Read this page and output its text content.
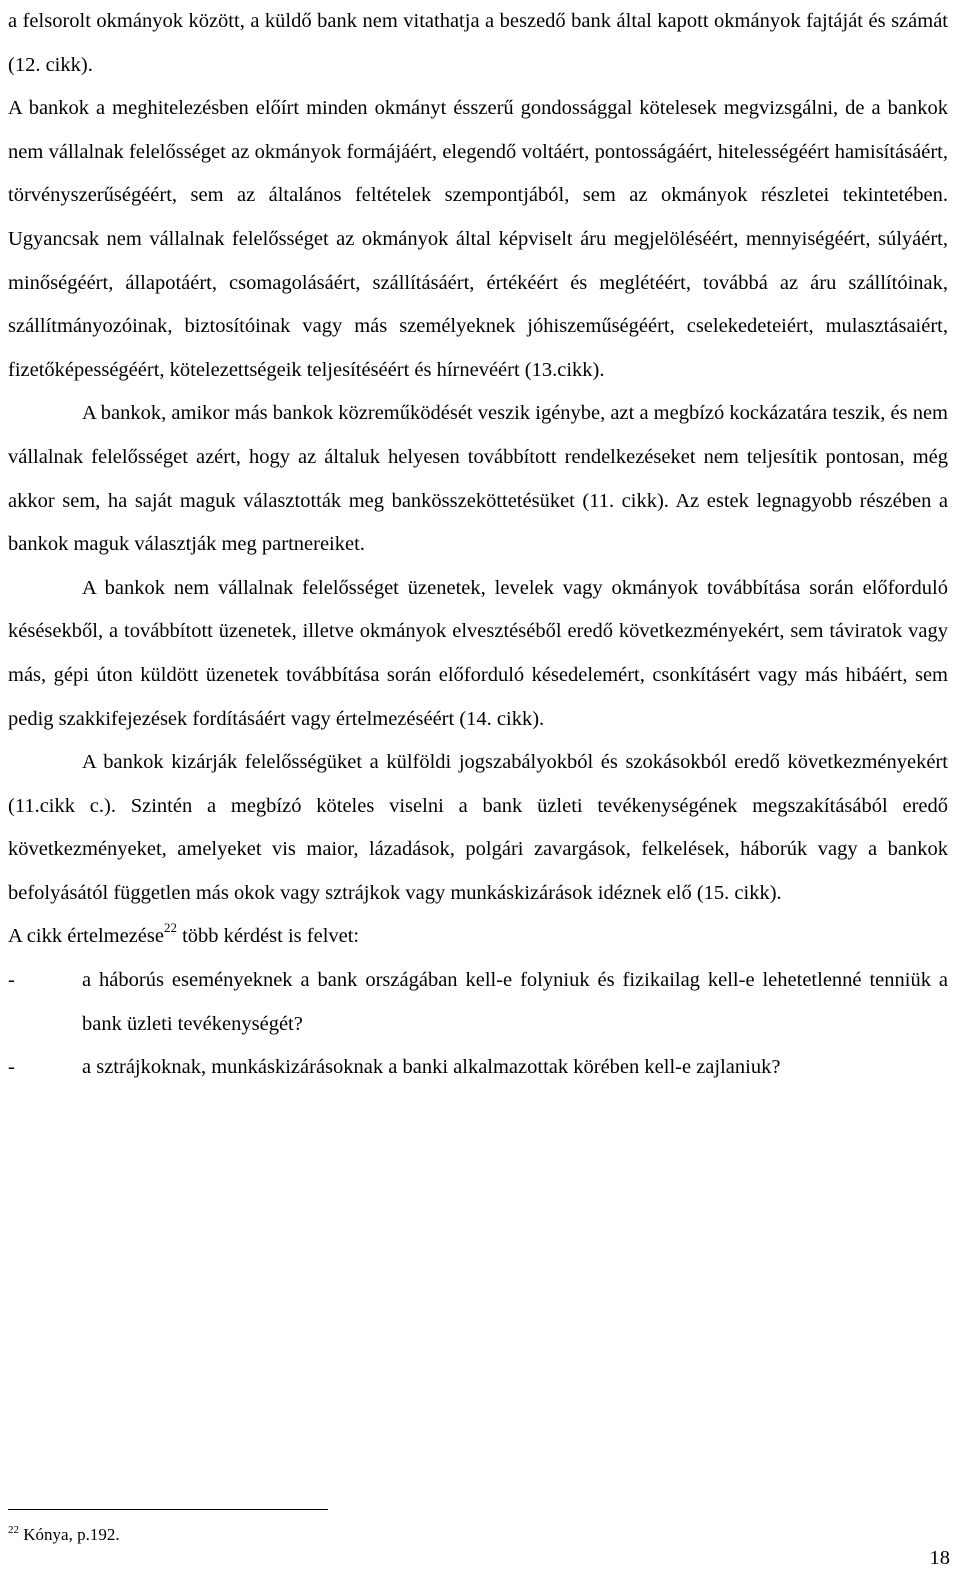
a felsorolt okmányok között, a küldő bank nem vitathatja a beszedő bank által kapott okmányok fajtáját és számát (12. cikk).

A bankok a meghitelezésben előírt minden okmányt ésszerű gondossággal kötelesek megvizsgálni, de a bankok nem vállalnak felelősséget az okmányok formájáért, elegendő voltáért, pontosságáért, hitelességéért hamisításáért, törvényszerűségéért, sem az általános feltételek szempontjából, sem az okmányok részletei tekintetében. Ugyancsak nem vállalnak felelősséget az okmányok által képviselt áru megjelöléséért, mennyiségéért, súlyáért, minőségéért, állapotáért, csomagolásáért, szállításáért, értékéért és meglétéért, továbbá az áru szállítóinak, szállítmányozóinak, biztosítóinak vagy más személyeknek jóhiszeműségéért, cselekedeteiért, mulasztásaiért, fizetőképességéért, kötelezettségeik teljesítéséért és hírnevéért (13.cikk).

A bankok, amikor más bankok közreműködését veszik igénybe, azt a megbízó kockázatára teszik, és nem vállalnak felelősséget azért, hogy az általuk helyesen továbbított rendelkezéseket nem teljesítik pontosan, még akkor sem, ha saját maguk választották meg bankösszeköttetésüket (11. cikk). Az estek legnagyobb részében a bankok maguk választják meg partnereiket.

A bankok nem vállalnak felelősséget üzenetek, levelek vagy okmányok továbbítása során előforduló késésekből, a továbbított üzenetek, illetve okmányok elvesztéséből eredő következményekért, sem táviratok vagy más, gépi úton küldött üzenetek továbbítása során előforduló késedelemért, csonkításért vagy más hibáért, sem pedig szakkifejezések fordításáért vagy értelmezéséért (14. cikk).

A bankok kizárják felelősségüket a külföldi jogszabályokból és szokásokból eredő következményekért (11.cikk c.). Szintén a megbízó köteles viselni a bank üzleti tevékenységének megszakításából eredő következményeket, amelyeket vis maior, lázadások, polgári zavargások, felkelések, háborúk vagy a bankok befolyásától független más okok vagy sztrájkok vagy munkáskizárások idéznek elő (15. cikk).

A cikk értelmezése$^{22}$ több kérdést is felvet:

-	a háborús eseményeknek a bank országában kell-e folyniuk és fizikailag kell-e lehetetlenné tenniük a bank üzleti tevékenységét?
-	a sztrájkoknak, munkáskizárásoknak a banki alkalmazottak körében kell-e zajlaniuk?
$^{22}$ Kónya, p.192.
18
